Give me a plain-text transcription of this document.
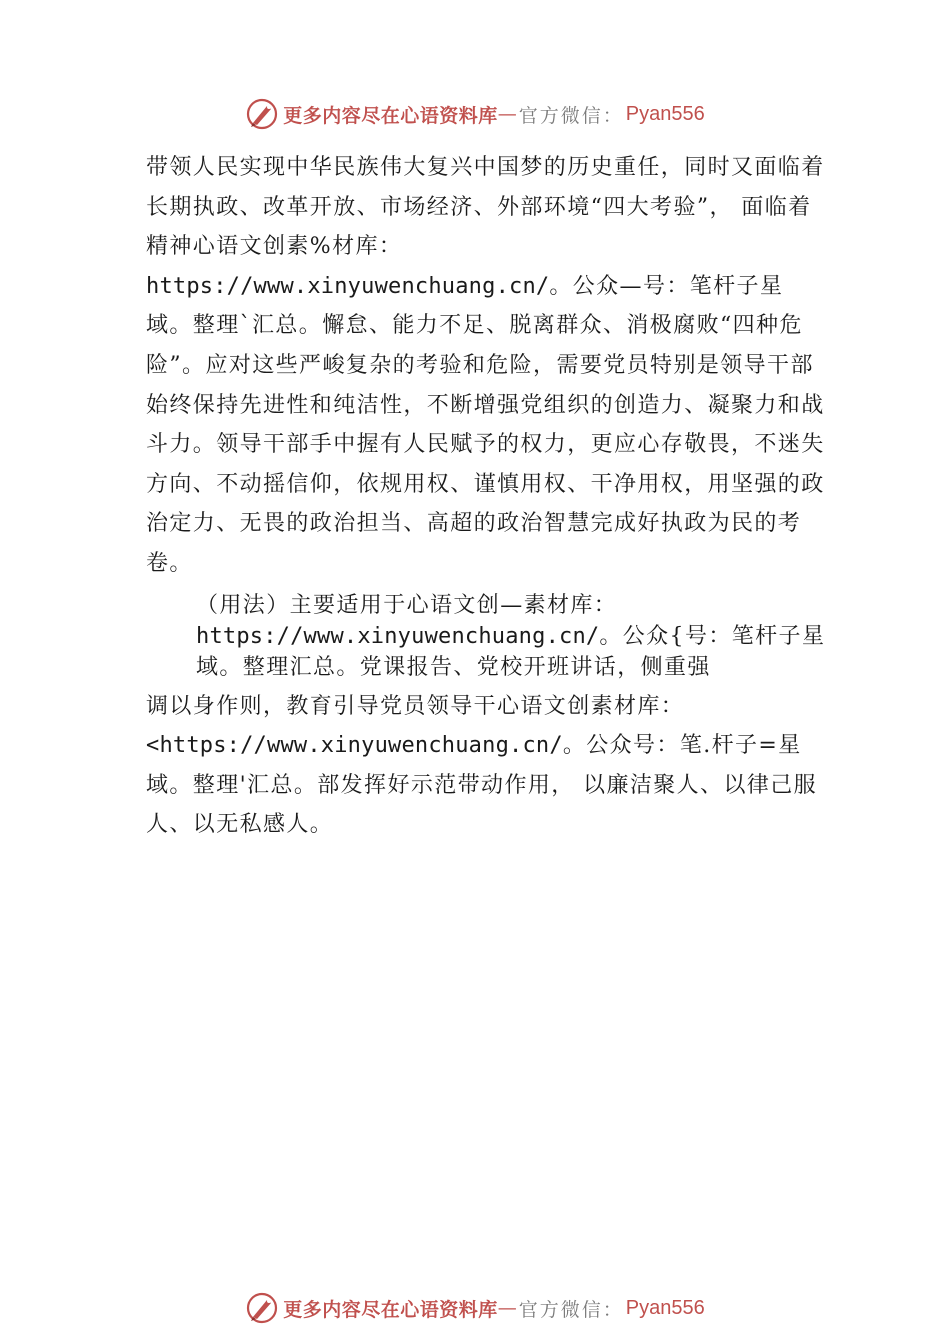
更多内容尽在心语资料库 — 官方微信： Pyan556

带领人民实现中华民族伟大复兴中国梦的历史重任，同时又面临着长期执政、改革开放、市场经济、外部环境“四大考验”， 面临着精神心语文创素%材库：https://www.xinyuwenchuang.cn/。公众—号：笔杆子星域。整理`汇总。懈怠、能力不足、脱离群众、消极腐败“四种危险”。应对这些严峻复杂的考验和危险，需要党员特别是领导干部始终保持先进性和纯洁性，不断增强党组织的创造力、凝聚力和战斗力。领导干部手中握有人民赋予的权力，更应心存敬畏，不迷失方向、不动摇信仰，依规用权、谨慎用权、干净用权，用坚强的政治定力、无畏的政治担当、高超的政治智慧完成好执政为民的考卷。

（用法）主要适用于心语文创—素材库：https://www.xinyuwenchuang.cn/。公众{号：笔杆子星域。整理汇总。党课报告、党校开班讲话，侧重强

调以身作则，教育引导党员领导干心语文创素材库：<https://www.xinyuwenchuang.cn/。公众号：笔.杆子=星域。整理'汇总。部发挥好示范带动作用， 以廉洁聚人、以律己服人、以无私感人。

更多内容尽在心语资料库 — 官方微信： Pyan556
